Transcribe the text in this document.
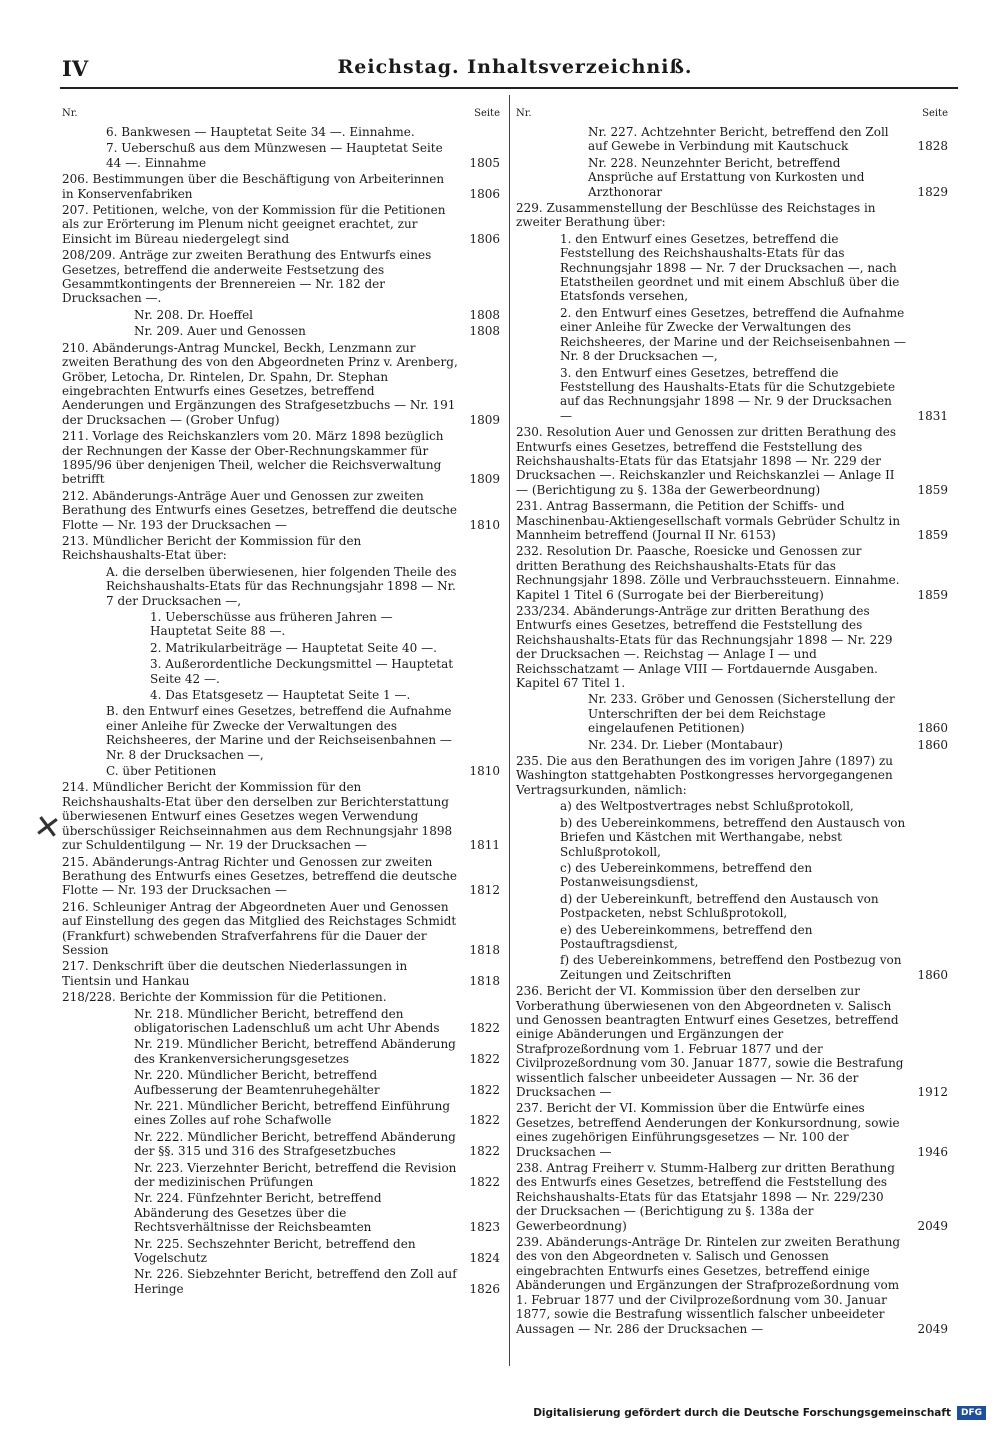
IV	Reichstag. Inhaltsverzeichniß.
Nr.	Seite
6. Bankwesen — Hauptetat Seite 34 —. Einnahme.
7. Ueberschuß aus dem Münzwesen — Hauptetat Seite 44 —. Einnahme	1805
206. Bestimmungen über die Beschäftigung von Arbeiterinnen in Konservenfabriken	1806
207. Petitionen, welche, von der Kommission für die Petitionen als zur Erörterung im Plenum nicht geeignet erachtet, zur Einsicht im Büreau niedergelegt sind	1806
208/209. Anträge zur zweiten Berathung des Entwurfs eines Gesetzes, betreffend die anderweite Festsetzung des Gesammtkontingents der Brennereien — Nr. 182 der Drucksachen —.
Nr. 208. Dr. Hoeffel	1808
Nr. 209. Auer und Genossen	1808
210. Abänderungs-Antrag Munckel, Beckh, Lenzmann zur zweiten Berathung des von den Abgeordneten Prinz v. Arenberg, Gröber, Letocha, Dr. Rintelen, Dr. Spahn, Dr. Stephan eingebrachten Entwurfs eines Gesetzes, betreffend Aenderungen und Ergänzungen des Strafgesetzbuchs — Nr. 191 der Drucksachen — (Grober Unfug)	1809
211. Vorlage des Reichskanzlers vom 20. März 1898 bezüglich der Rechnungen der Kasse der Ober-Rechnungskammer für 1895/96 über denjenigen Theil, welcher die Reichsverwaltung betrifft	1809
212. Abänderungs-Anträge Auer und Genossen zur zweiten Berathung des Entwurfs eines Gesetzes, betreffend die deutsche Flotte — Nr. 193 der Drucksachen —	1810
213. Mündlicher Bericht der Kommission für den Reichshaushalts-Etat über:
A. die derselben überwiesenen, hier folgenden Theile des Reichshaushalts-Etats für das Rechnungsjahr 1898 — Nr. 7 der Drucksachen —,
1. Ueberschüsse aus früheren Jahren — Hauptetat Seite 88 —.
2. Matrikularbeiträge — Hauptetat Seite 40 —.
3. Außerordentliche Deckungsmittel — Hauptetat Seite 42 —.
4. Das Etatsgesetz — Hauptetat Seite 1 —.
B. den Entwurf eines Gesetzes, betreffend die Aufnahme einer Anleihe für Zwecke der Verwaltungen des Reichsheeres, der Marine und der Reichseisenbahnen — Nr. 8 der Drucksachen —,
C. über Petitionen	1810
214. Mündlicher Bericht der Kommission für den Reichshaushalts-Etat über den derselben zur Berichterstattung überwiesenen Entwurf eines Gesetzes wegen Verwendung überschüssiger Reichseinnahmen aus dem Rechnungsjahr 1898 zur Schuldentilgung — Nr. 19 der Drucksachen —	1811
215. Abänderungs-Antrag Richter und Genossen zur zweiten Berathung des Entwurfs eines Gesetzes, betreffend die deutsche Flotte — Nr. 193 der Drucksachen —	1812
216. Schleuniger Antrag der Abgeordneten Auer und Genossen auf Einstellung des gegen das Mitglied des Reichstages Schmidt (Frankfurt) schwebenden Strafverfahrens für die Dauer der Session	1818
217. Denkschrift über die deutschen Niederlassungen in Tientsin und Hankau	1818
218/228. Berichte der Kommission für die Petitionen.
Nr. 218. Mündlicher Bericht, betreffend den obligatorischen Ladenschluß um acht Uhr Abends	1822
Nr. 219. Mündlicher Bericht, betreffend Abänderung des Krankenversicherungsgesetzes	1822
Nr. 220. Mündlicher Bericht, betreffend Aufbesserung der Beamtenruhegehälter	1822
Nr. 221. Mündlicher Bericht, betreffend Einführung eines Zolles auf rohe Schafwolle	1822
Nr. 222. Mündlicher Bericht, betreffend Abänderung der §§. 315 und 316 des Strafgesetzbuches	1822
Nr. 223. Vierzehnter Bericht, betreffend die Revision der medizinischen Prüfungen	1822
Nr. 224. Fünfzehnter Bericht, betreffend Abänderung des Gesetzes über die Rechtsverhältnisse der Reichsbeamten	1823
Nr. 225. Sechszehnter Bericht, betreffend den Vogelschutz	1824
Nr. 226. Siebzehnter Bericht, betreffend den Zoll auf Heringe	1826
Nr.	Seite
Nr. 227. Achtzehnter Bericht, betreffend den Zoll auf Gewebe in Verbindung mit Kautschuck	1828
Nr. 228. Neunzehnter Bericht, betreffend Ansprüche auf Erstattung von Kurkosten und Arzthonorar	1829
229. Zusammenstellung der Beschlüsse des Reichstages in zweiter Berathung über:
1. den Entwurf eines Gesetzes, betreffend die Feststellung des Reichshaushalts-Etats für das Rechnungsjahr 1898 — Nr. 7 der Drucksachen —, nach Etatstheilen geordnet und mit einem Abschluß über die Etatsfonds versehen,
2. den Entwurf eines Gesetzes, betreffend die Aufnahme einer Anleihe für Zwecke der Verwaltungen des Reichsheeres, der Marine und der Reichseisenbahnen — Nr. 8 der Drucksachen —,
3. den Entwurf eines Gesetzes, betreffend die Feststellung des Haushalts-Etats für die Schutzgebiete auf das Rechnungsjahr 1898 — Nr. 9 der Drucksachen —	1831
230. Resolution Auer und Genossen zur dritten Berathung des Entwurfs eines Gesetzes, betreffend die Feststellung des Reichshaushalts-Etats für das Etatsjahr 1898 — Nr. 229 der Drucksachen —. Reichskanzler und Reichskanzlei — Anlage II — (Berichtigung zu §. 138a der Gewerbeordnung)	1859
231. Antrag Bassermann, die Petition der Schiffs- und Maschinenbau-Aktiengesellschaft vormals Gebrüder Schultz in Mannheim betreffend (Journal II Nr. 6153)	1859
232. Resolution Dr. Paasche, Roesicke und Genossen zur dritten Berathung des Reichshaushalts-Etats für das Rechnungsjahr 1898. Zölle und Verbrauchssteuern. Einnahme. Kapitel 1 Titel 6 (Surrogate bei der Bierbereitung)	1859
233/234. Abänderungs-Anträge zur dritten Berathung des Entwurfs eines Gesetzes, betreffend die Feststellung des Reichshaushalts-Etats für das Rechnungsjahr 1898 — Nr. 229 der Drucksachen —. Reichstag — Anlage I — und Reichsschatzamt — Anlage VIII — Fortdauernde Ausgaben. Kapitel 67 Titel 1.
Nr. 233. Gröber und Genossen (Sicherstellung der Unterschriften der bei dem Reichstage eingelaufenen Petitionen)	1860
Nr. 234. Dr. Lieber (Montabaur)	1860
235. Die aus den Berathungen des im vorigen Jahre (1897) zu Washington stattgehabten Postkongresses hervorgegangenen Vertragsurkunden, nämlich:
a) des Weltpostvertrages nebst Schlußprotokoll,
b) des Uebereinkommens, betreffend den Austausch von Briefen und Kästchen mit Werthangabe, nebst Schlußprotokoll,
c) des Uebereinkommens, betreffend den Postanweisungsdienst,
d) der Uebereinkunft, betreffend den Austausch von Postpacketen, nebst Schlußprotokoll,
e) des Uebereinkommens, betreffend den Postauftragsdienst,
f) des Uebereinkommens, betreffend den Postbezug von Zeitungen und Zeitschriften	1860
236. Bericht der VI. Kommission über den derselben zur Vorberathung überwiesenen von den Abgeordneten v. Salisch und Genossen beantragten Entwurf eines Gesetzes, betreffend einige Abänderungen und Ergänzungen der Strafprozeßordnung vom 1. Februar 1877 und der Civilprozeßordnung vom 30. Januar 1877, sowie die Bestrafung wissentlich falscher unbeeideter Aussagen — Nr. 36 der Drucksachen —	1912
237. Bericht der VI. Kommission über die Entwürfe eines Gesetzes, betreffend Aenderungen der Konkursordnung, sowie eines zugehörigen Einführungsgesetzes — Nr. 100 der Drucksachen —	1946
238. Antrag Freiherr v. Stumm-Halberg zur dritten Berathung des Entwurfs eines Gesetzes, betreffend die Feststellung des Reichshaushalts-Etats für das Etatsjahr 1898 — Nr. 229/230 der Drucksachen — (Berichtigung zu §. 138a der Gewerbeordnung)	2049
239. Abänderungs-Anträge Dr. Rintelen zur zweiten Berathung des von den Abgeordneten v. Salisch und Genossen eingebrachten Entwurfs eines Gesetzes, betreffend einige Abänderungen und Ergänzungen der Strafprozeßordnung vom 1. Februar 1877 und der Civilprozeßordnung vom 30. Januar 1877, sowie die Bestrafung wissentlich falscher unbeeideter Aussagen — Nr. 286 der Drucksachen —	2049
✕
Digitalisierung gefördert durch die Deutsche Forschungsgemeinschaft	DFG
